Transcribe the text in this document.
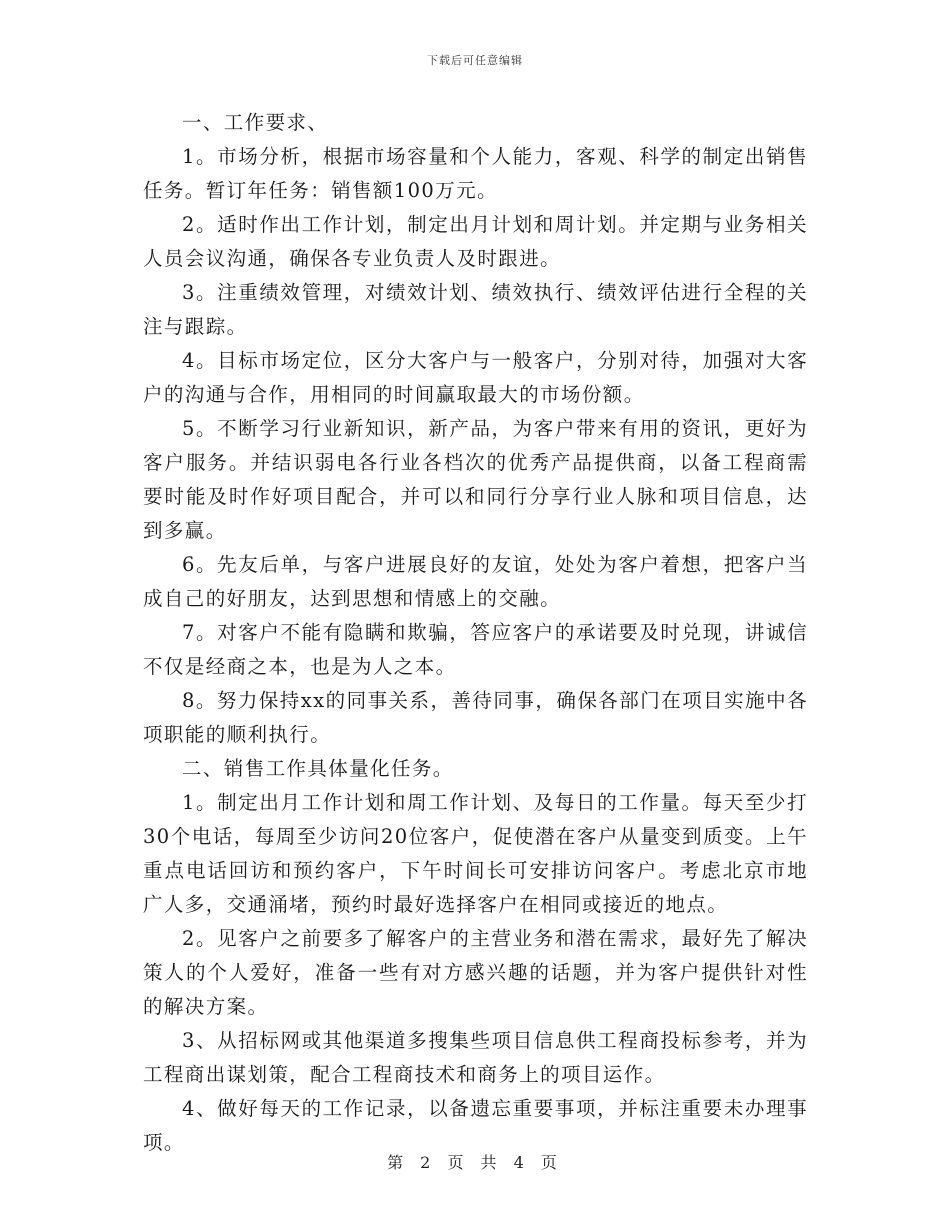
下载后可任意编辑

一、工作要求、

1。市场分析，根据市场容量和个人能力，客观、科学的制定出销售任务。暂订年任务：销售额100万元。

2。适时作出工作计划，制定出月计划和周计划。并定期与业务相关人员会议沟通，确保各专业负责人及时跟进。

3。注重绩效管理，对绩效计划、绩效执行、绩效评估进行全程的关注与跟踪。

4。目标市场定位，区分大客户与一般客户，分别对待，加强对大客户的沟通与合作，用相同的时间赢取最大的市场份额。

5。不断学习行业新知识，新产品，为客户带来有用的资讯，更好为客户服务。并结识弱电各行业各档次的优秀产品提供商，以备工程商需要时能及时作好项目配合，并可以和同行分享行业人脉和项目信息，达到多赢。

6。先友后单，与客户进展良好的友谊，处处为客户着想，把客户当成自己的好朋友，达到思想和情感上的交融。

7。对客户不能有隐瞒和欺骗，答应客户的承诺要及时兑现，讲诚信不仅是经商之本，也是为人之本。

8。努力保持xx的同事关系，善待同事，确保各部门在项目实施中各项职能的顺利执行。

二、销售工作具体量化任务。

1。制定出月工作计划和周工作计划、及每日的工作量。每天至少打30个电话，每周至少访问20位客户，促使潜在客户从量变到质变。上午重点电话回访和预约客户，下午时间长可安排访问客户。考虑北京市地广人多，交通涌堵，预约时最好选择客户在相同或接近的地点。

2。见客户之前要多了解客户的主营业务和潜在需求，最好先了解决策人的个人爱好，准备一些有对方感兴趣的话题，并为客户提供针对性的解决方案。

3、从招标网或其他渠道多搜集些项目信息供工程商投标参考，并为工程商出谋划策，配合工程商技术和商务上的项目运作。

4、做好每天的工作记录，以备遗忘重要事项，并标注重要未办理事项。

第 2 页 共 4 页
